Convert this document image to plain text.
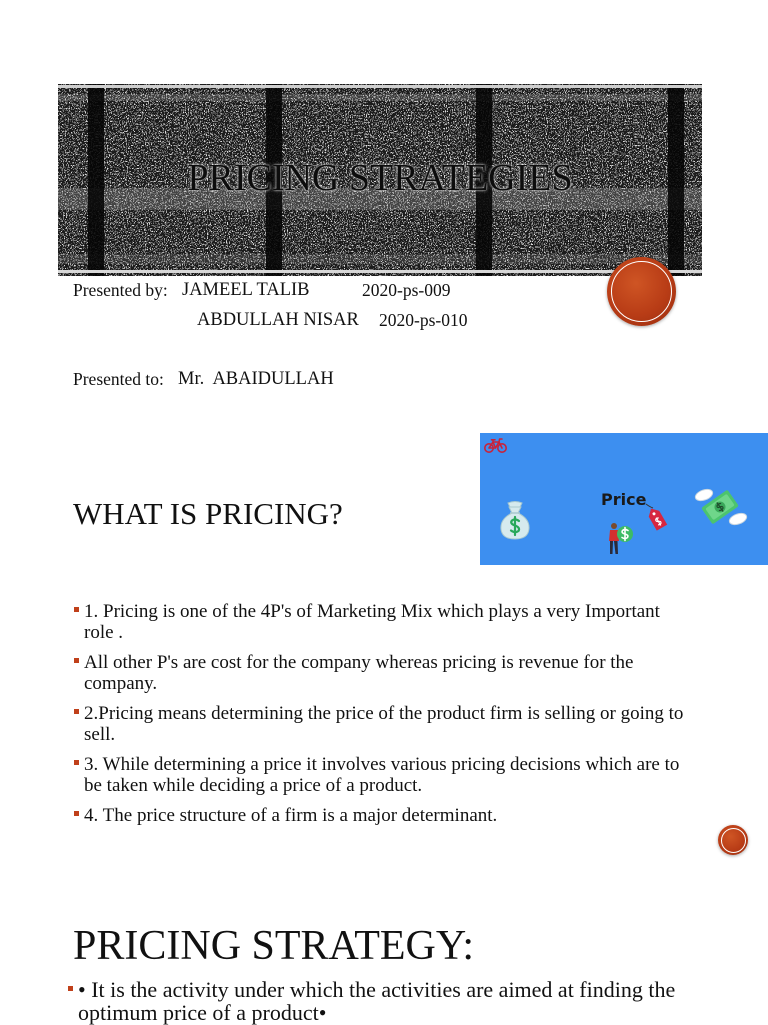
PRICING STRATEGIES
Presented by: JAMEEL TALIB	2020-ps-009
ABDULLAH NISAR 2020-ps-010
Presented to: Mr.  ABAIDULLAH
Price
WHAT IS PRICING?
1. Pricing is one of the 4P's of Marketing Mix which plays a very Important role .
All other P's are cost for the company whereas pricing is revenue for the company.
2.Pricing means determining the price of the product firm is selling or going to sell.
3. While determining a price it involves various pricing decisions which are to be taken while deciding a price of a product.
4. The price structure of a firm is a major determinant.
PRICING STRATEGY:
• It is the activity under which the activities are aimed at finding the optimum price of a product•
